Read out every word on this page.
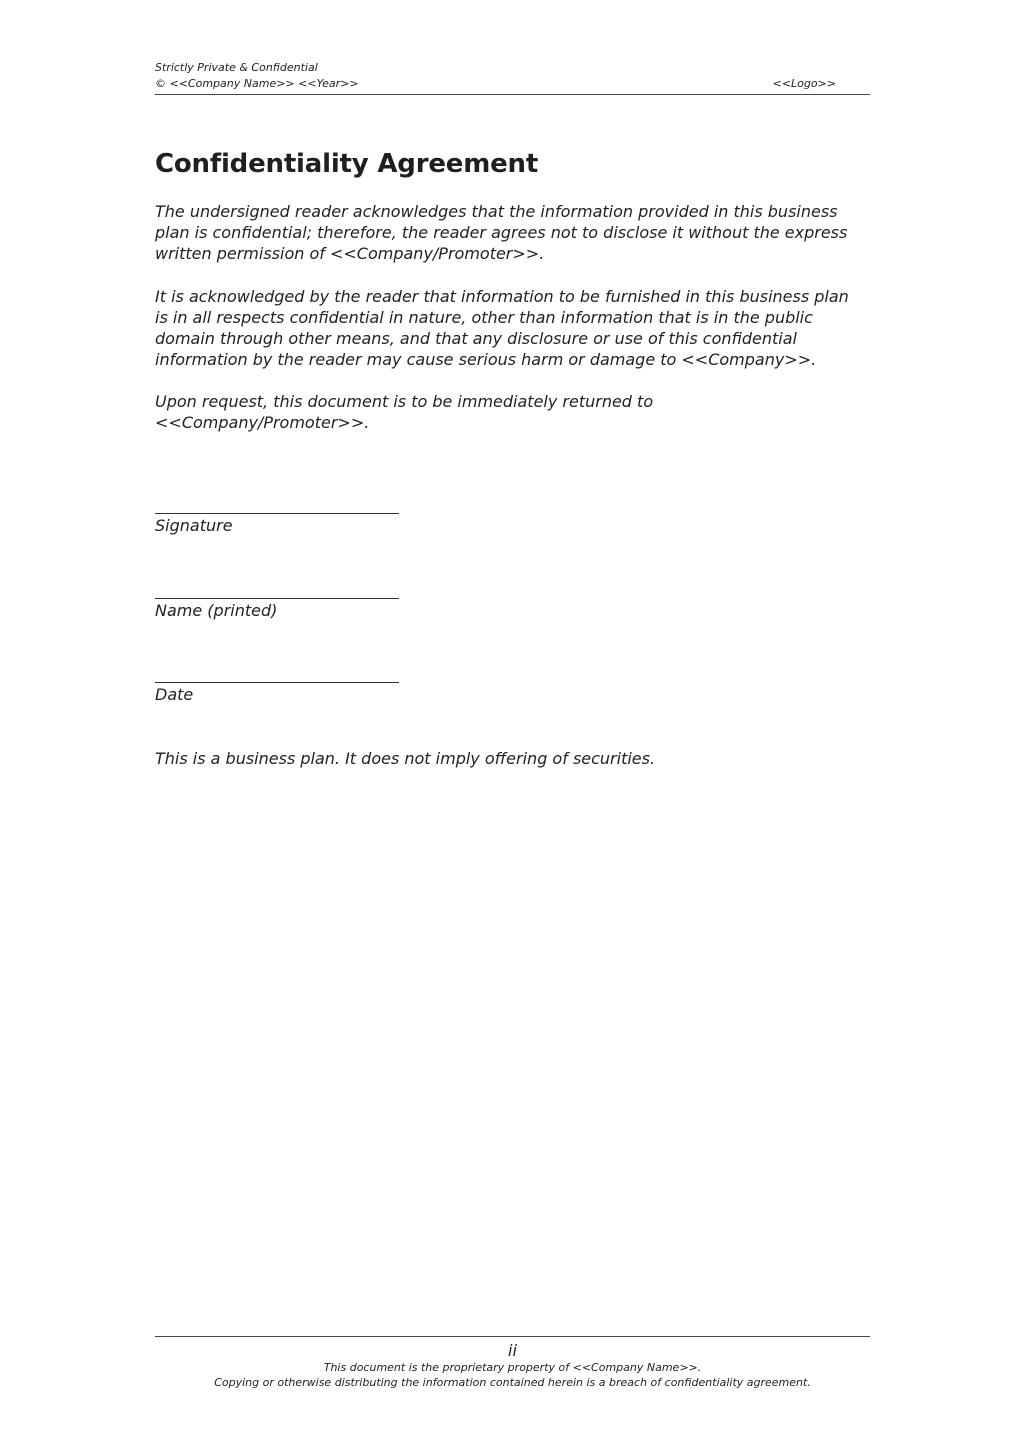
Strictly Private & Confidential
© <<Company Name>> <<Year>>	<<Logo>>
Confidentiality Agreement
The undersigned reader acknowledges that the information provided in this business
plan is confidential; therefore, the reader agrees not to disclose it without the express
written permission of <<Company/Promoter>>.
It is acknowledged by the reader that information to be furnished in this business plan
is in all respects confidential in nature, other than information that is in the public
domain through other means, and that any disclosure or use of this confidential
information by the reader may cause serious harm or damage to <<Company>>.
Upon request, this document is to be immediately returned to
<<Company/Promoter>>.
Signature
Name (printed)
Date
This is a business plan. It does not imply offering of securities.
ii
This document is the proprietary property of <<Company Name>>.
Copying or otherwise distributing the information contained herein is a breach of confidentiality agreement.
